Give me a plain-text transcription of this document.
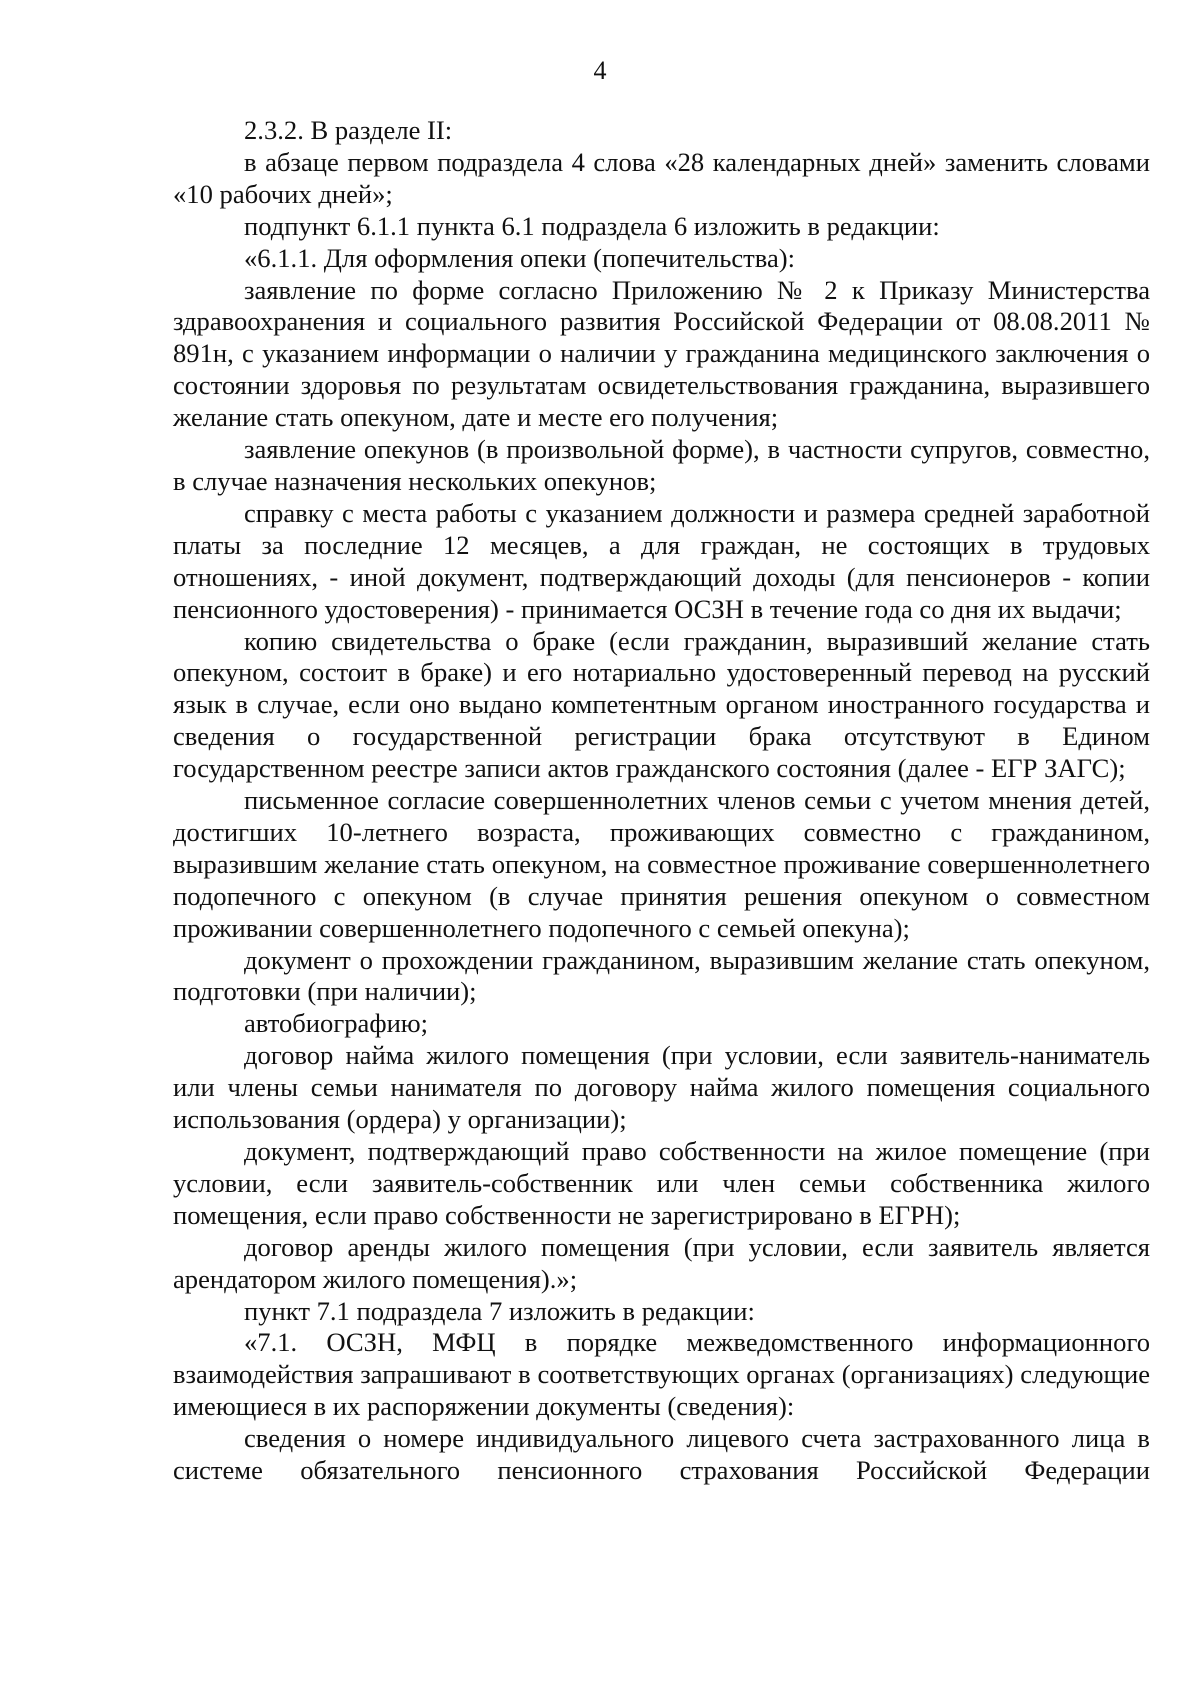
4

2.3.2. В разделе II:

в абзаце первом подраздела 4 слова «28 календарных дней» заменить словами «10 рабочих дней»;

подпункт 6.1.1 пункта 6.1 подраздела 6 изложить в редакции:

«6.1.1. Для оформления опеки (попечительства):

заявление по форме согласно Приложению № 2 к Приказу Министерства здравоохранения и социального развития Российской Федерации от 08.08.2011 № 891н, с указанием информации о наличии у гражданина медицинского заключения о состоянии здоровья по результатам освидетельствования гражданина, выразившего желание стать опекуном, дате и месте его получения;

заявление опекунов (в произвольной форме), в частности супругов, совместно, в случае назначения нескольких опекунов;

справку с места работы с указанием должности и размера средней заработной платы за последние 12 месяцев, а для граждан, не состоящих в трудовых отношениях, - иной документ, подтверждающий доходы (для пенсионеров - копии пенсионного удостоверения) - принимается ОСЗН в течение года со дня их выдачи;

копию свидетельства о браке (если гражданин, выразивший желание стать опекуном, состоит в браке) и его нотариально удостоверенный перевод на русский язык в случае, если оно выдано компетентным органом иностранного государства и сведения о государственной регистрации брака отсутствуют в Едином государственном реестре записи актов гражданского состояния (далее - ЕГР ЗАГС);

письменное согласие совершеннолетних членов семьи с учетом мнения детей, достигших 10-летнего возраста, проживающих совместно с гражданином, выразившим желание стать опекуном, на совместное проживание совершеннолетнего подопечного с опекуном (в случае принятия решения опекуном о совместном проживании совершеннолетнего подопечного с семьей опекуна);

документ о прохождении гражданином, выразившим желание стать опекуном, подготовки (при наличии);

автобиографию;

договор найма жилого помещения (при условии, если заявитель-наниматель или члены семьи нанимателя по договору найма жилого помещения социального использования (ордера) у организации);

документ, подтверждающий право собственности на жилое помещение (при условии, если заявитель-собственник или член семьи собственника жилого помещения, если право собственности не зарегистрировано в ЕГРН);

договор аренды жилого помещения (при условии, если заявитель является арендатором жилого помещения).»;

пункт 7.1 подраздела 7 изложить в редакции:

«7.1. ОСЗН, МФЦ в порядке межведомственного информационного взаимодействия запрашивают в соответствующих органах (организациях) следующие имеющиеся в их распоряжении документы (сведения):

сведения о номере индивидуального лицевого счета застрахованного лица в системе обязательного пенсионного страхования Российской Федерации
